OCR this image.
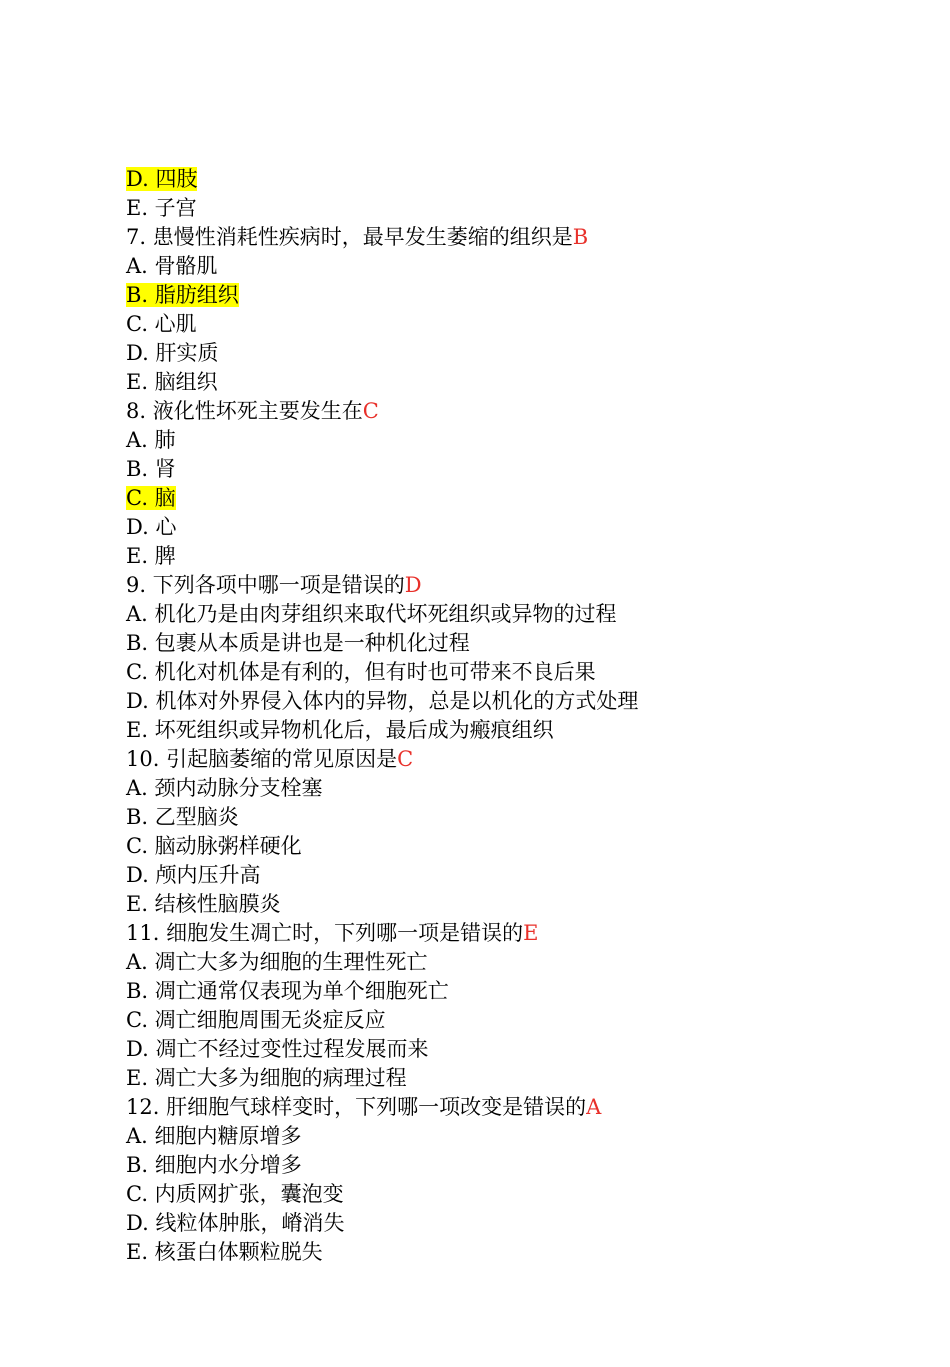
D. 四肢
E. 子宫
7. 患慢性消耗性疾病时，最早发生萎缩的组织是B
A. 骨骼肌
B. 脂肪组织
C. 心肌
D. 肝实质
E. 脑组织
8. 液化性坏死主要发生在C
A. 肺
B. 肾
C. 脑
D. 心
E. 脾
9. 下列各项中哪一项是错误的D
A. 机化乃是由肉芽组织来取代坏死组织或异物的过程
B. 包裹从本质是讲也是一种机化过程
C. 机化对机体是有利的，但有时也可带来不良后果
D. 机体对外界侵入体内的异物，总是以机化的方式处理
E. 坏死组织或异物机化后，最后成为瘢痕组织
10. 引起脑萎缩的常见原因是C
A. 颈内动脉分支栓塞
B. 乙型脑炎
C. 脑动脉粥样硬化
D. 颅内压升高
E. 结核性脑膜炎
11. 细胞发生凋亡时，下列哪一项是错误的E
A. 凋亡大多为细胞的生理性死亡
B. 凋亡通常仅表现为单个细胞死亡
C. 凋亡细胞周围无炎症反应
D. 凋亡不经过变性过程发展而来
E. 凋亡大多为细胞的病理过程
12. 肝细胞气球样变时，下列哪一项改变是错误的A
A. 细胞内糖原增多
B. 细胞内水分增多
C. 内质网扩张，囊泡变
D. 线粒体肿胀，嵴消失
E. 核蛋白体颗粒脱失
